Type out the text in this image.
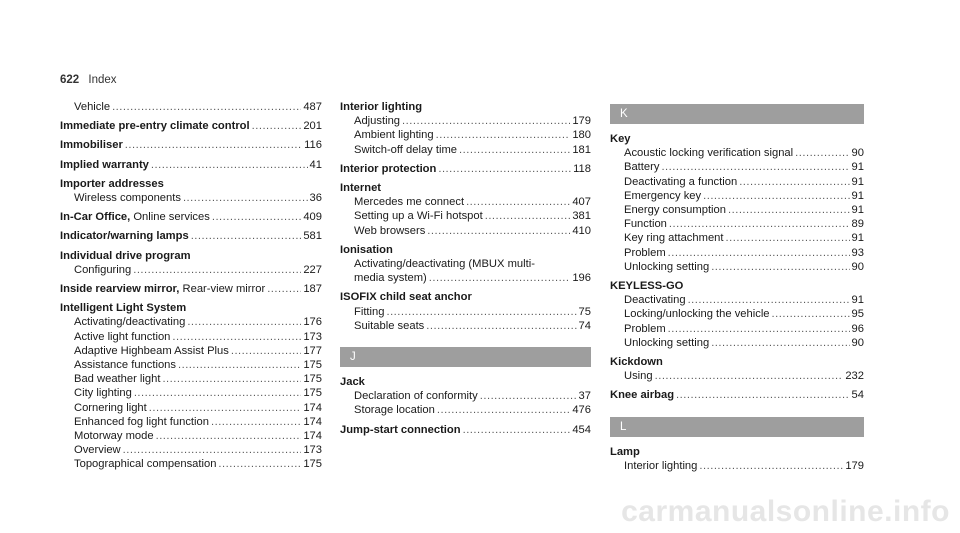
622 Index
Vehicle .....	487
Immediate pre-entry climate control .....	201
Immobiliser .....	116
Implied warranty .....	41
Importer addresses
Wireless components .....	36
In-Car Office, Online services .....	409
Indicator/warning lamps .....	581
Individual drive program
Configuring .....	227
Inside rearview mirror, Rear-view mirror .....	187
Intelligent Light System
Activating/deactivating .....	176
Active light function .....	173
Adaptive Highbeam Assist Plus .....	177
Assistance functions .....	175
Bad weather light .....	175
City lighting .....	175
Cornering light .....	174
Enhanced fog light function .....	174
Motorway mode .....	174
Overview .....	173
Topographical compensation .....	175
Interior lighting
Adjusting .....	179
Ambient lighting .....	180
Switch-off delay time .....	181
Interior protection .....	118
Internet
Mercedes me connect .....	407
Setting up a Wi-Fi hotspot .....	381
Web browsers .....	410
Ionisation
Activating/deactivating (MBUX multi-
media system) .....	196
ISOFIX child seat anchor
Fitting .....	75
Suitable seats .....	74
J
Jack
Declaration of conformity .....	37
Storage location .....	476
Jump-start connection .....	454
K
Key
Acoustic locking verification signal .....	90
Battery .....	91
Deactivating a function .....	91
Emergency key .....	91
Energy consumption .....	91
Function .....	89
Key ring attachment .....	91
Problem .....	93
Unlocking setting .....	90
KEYLESS-GO
Deactivating .....	91
Locking/unlocking the vehicle .....	95
Problem .....	96
Unlocking setting .....	90
Kickdown
Using .....	232
Knee airbag .....	54
L
Lamp
Interior lighting .....	179
carmanualsonline.info
